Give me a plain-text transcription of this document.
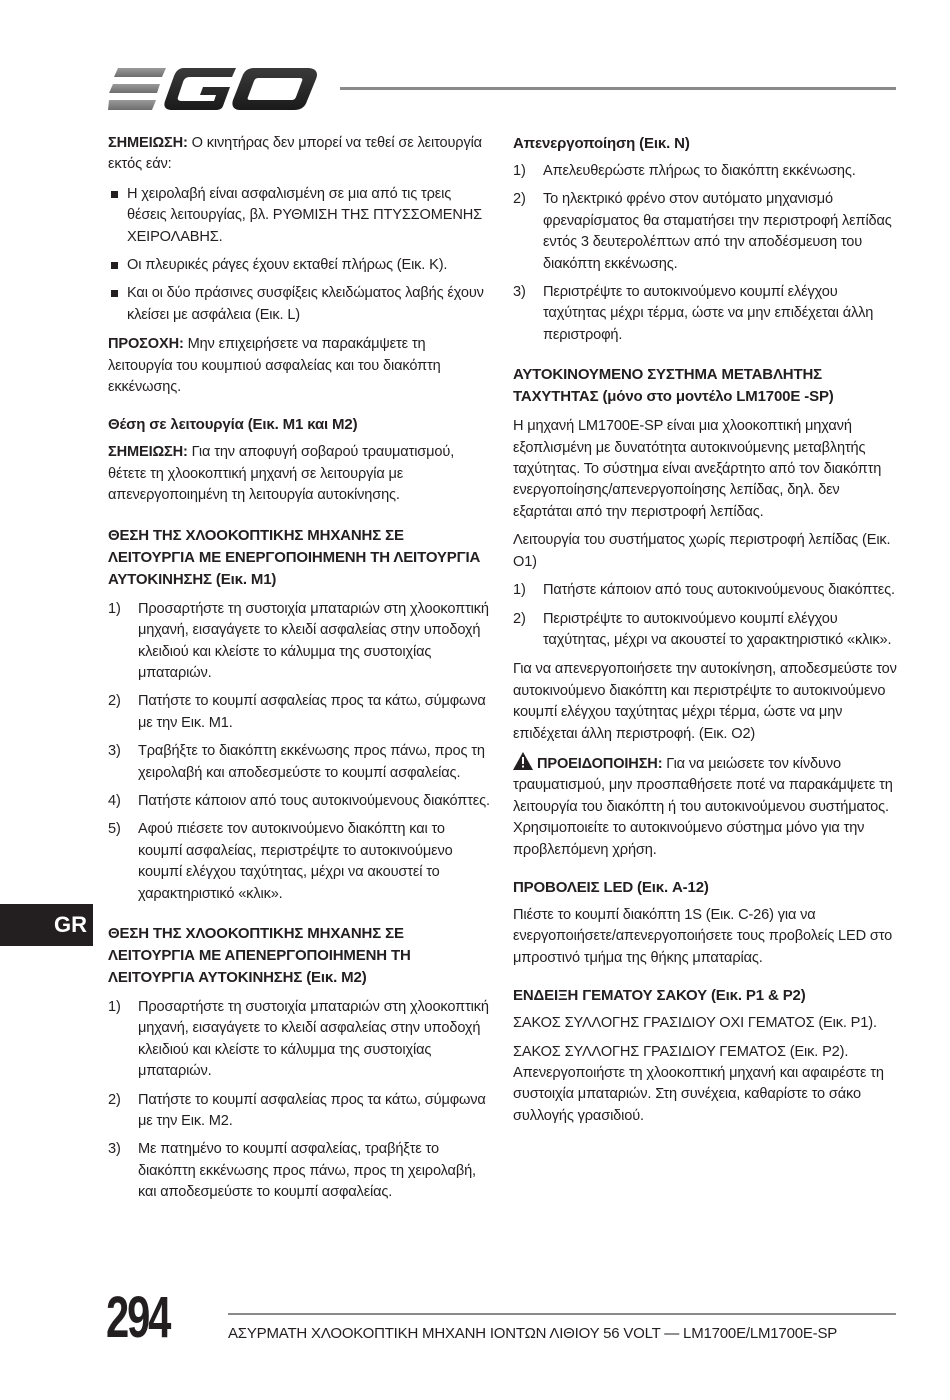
ΣΗΜΕΙΩΣΗ: Ο κινητήρας δεν μπορεί να τεθεί σε λειτουργία εκτός εάν:

Η χειρολαβή είναι ασφαλισμένη σε μια από τις τρεις θέσεις λειτουργίας, βλ. ΡΥΘΜΙΣΗ ΤΗΣ ΠΤΥΣΣΟΜΕΝΗΣ ΧΕΙΡΟΛΑΒΗΣ.
Οι πλευρικές ράγες έχουν εκταθεί πλήρως (Εικ. K).
Και οι δύο πράσινες συσφίξεις κλειδώματος λαβής έχουν κλείσει με ασφάλεια (Εικ. L)

ΠΡΟΣΟΧΗ: Μην επιχειρήσετε να παρακάμψετε τη λειτουργία του κουμπιού ασφαλείας και του διακόπτη εκκένωσης.

Θέση σε λειτουργία (Εικ. M1 και M2)

ΣΗΜΕΙΩΣΗ: Για την αποφυγή σοβαρού τραυματισμού, θέτετε τη χλοοκοπτική μηχανή σε λειτουργία με απενεργοποιημένη τη λειτουργία αυτοκίνησης.

ΘΕΣΗ ΤΗΣ ΧΛΟΟΚΟΠΤΙΚΗΣ ΜΗΧΑΝΗΣ ΣΕ ΛΕΙΤΟΥΡΓΙΑ ΜΕ ΕΝΕΡΓΟΠΟΙΗΜΕΝΗ ΤΗ ΛΕΙΤΟΥΡΓΙΑ ΑΥΤΟΚΙΝΗΣΗΣ (Εικ. M1)
1) Προσαρτήστε τη συστοιχία μπαταριών στη χλοοκοπτική μηχανή, εισαγάγετε το κλειδί ασφαλείας στην υποδοχή κλειδιού και κλείστε το κάλυμμα της συστοιχίας μπαταριών.
2) Πατήστε το κουμπί ασφαλείας προς τα κάτω, σύμφωνα με την Εικ. M1.
3) Τραβήξτε το διακόπτη εκκένωσης προς πάνω, προς τη χειρολαβή και αποδεσμεύστε το κουμπί ασφαλείας.
4) Πατήστε κάποιον από τους αυτοκινούμενους διακόπτες.
5) Αφού πιέσετε τον αυτοκινούμενο διακόπτη και το κουμπί ασφαλείας, περιστρέψτε το αυτοκινούμενο κουμπί ελέγχου ταχύτητας, μέχρι να ακουστεί το χαρακτηριστικό «κλικ».
ΘΕΣΗ ΤΗΣ ΧΛΟΟΚΟΠΤΙΚΗΣ ΜΗΧΑΝΗΣ ΣΕ ΛΕΙΤΟΥΡΓΙΑ ΜΕ ΑΠΕΝΕΡΓΟΠΟΙΗΜΕΝΗ ΤΗ ΛΕΙΤΟΥΡΓΙΑ ΑΥΤΟΚΙΝΗΣΗΣ (Εικ. M2)
1) Προσαρτήστε τη συστοιχία μπαταριών στη χλοοκοπτική μηχανή, εισαγάγετε το κλειδί ασφαλείας στην υποδοχή κλειδιού και κλείστε το κάλυμμα της συστοιχίας μπαταριών.
2) Πατήστε το κουμπί ασφαλείας προς τα κάτω, σύμφωνα με την Εικ. M2.
3) Με πατημένο το κουμπί ασφαλείας, τραβήξτε το διακόπτη εκκένωσης προς πάνω, προς τη χειρολαβή, και αποδεσμεύστε το κουμπί ασφαλείας.
Απενεργοποίηση (Εικ. N)
1) Απελευθερώστε πλήρως το διακόπτη εκκένωσης.
2) Το ηλεκτρικό φρένο στον αυτόματο μηχανισμό φρεναρίσματος θα σταματήσει την περιστροφή λεπίδας εντός 3 δευτερολέπτων από την αποδέσμευση του διακόπτη εκκένωσης.
3) Περιστρέψτε το αυτοκινούμενο κουμπί ελέγχου ταχύτητας μέχρι τέρμα, ώστε να μην επιδέχεται άλλη περιστροφή.
ΑΥΤΟΚΙΝΟΥΜΕΝΟ ΣΥΣΤΗΜΑ ΜΕΤΑΒΛΗΤΗΣ ΤΑΧΥΤΗΤΑΣ (μόνο στο μοντέλο LM1700E -SP)

Η μηχανή LM1700E-SP είναι μια χλοοκοπτική μηχανή εξοπλισμένη με δυνατότητα αυτοκινούμενης μεταβλητής ταχύτητας. Το σύστημα είναι ανεξάρτητο από τον διακόπτη ενεργοποίησης/απενεργοποίησης λεπίδας, δηλ. δεν εξαρτάται από την περιστροφή λεπίδας.

Λειτουργία του συστήματος χωρίς περιστροφή λεπίδας (Εικ. O1)

1) Πατήστε κάποιον από τους αυτοκινούμενους διακόπτες.
2) Περιστρέψτε το αυτοκινούμενο κουμπί ελέγχου ταχύτητας, μέχρι να ακουστεί το χαρακτηριστικό «κλικ».

Για να απενεργοποιήσετε την αυτοκίνηση, αποδεσμεύστε τον αυτοκινούμενο διακόπτη και περιστρέψτε το αυτοκινούμενο κουμπί ελέγχου ταχύτητας μέχρι τέρμα, ώστε να μην επιδέχεται άλλη περιστροφή. (Εικ. O2)

ΠΡΟΕΙΔΟΠΟΙΗΣΗ: Για να μειώσετε τον κίνδυνο τραυματισμού, μην προσπαθήσετε ποτέ να παρακάμψετε τη λειτουργία του διακόπτη ή του αυτοκινούμενου συστήματος. Χρησιμοποιείτε το αυτοκινούμενο σύστημα μόνο για την προβλεπόμενη χρήση.

ΠΡΟΒΟΛΕΙΣ LED (Εικ. A-12)

Πιέστε το κουμπί διακόπτη 1S (Εικ. C-26) για να ενεργοποιήσετε/απενεργοποιήσετε τους προβολείς LED στο μπροστινό τμήμα της θήκης μπαταρίας.

ΕΝΔΕΙΞΗ ΓΕΜΑΤΟΥ ΣΑΚΟΥ (Εικ. P1 & P2)

ΣΑΚΟΣ ΣΥΛΛΟΓΗΣ ΓΡΑΣΙΔΙΟΥ ΟΧΙ ΓΕΜΑΤΟΣ (Εικ. P1).

ΣΑΚΟΣ ΣΥΛΛΟΓΗΣ ΓΡΑΣΙΔΙΟΥ ΓΕΜΑΤΟΣ (Εικ. P2). Απενεργοποιήστε τη χλοοκοπτική μηχανή και αφαιρέστε τη συστοιχία μπαταριών. Στη συνέχεια, καθαρίστε το σάκο συλλογής γρασιδιού.

GR
294	ΑΣΥΡΜΑΤΗ ΧΛΟΟΚΟΠΤΙΚΗ ΜΗΧΑΝΗ ΙΟΝΤΩΝ ΛΙΘΙΟΥ 56 VOLT — LM1700E/LM1700E-SP
